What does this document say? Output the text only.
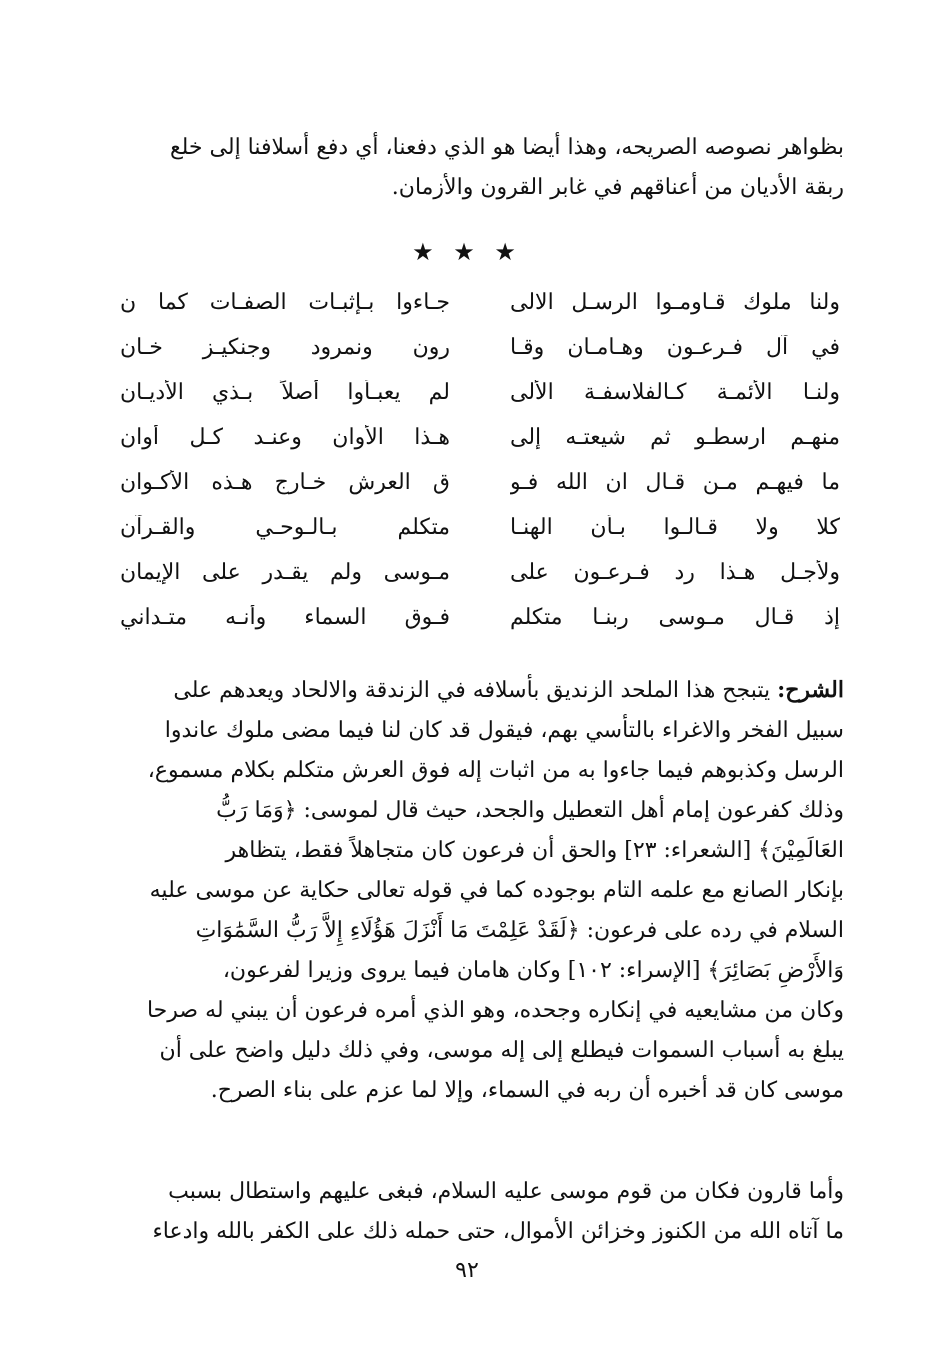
بظواهر نصوصه الصريحه، وهذا أيضا هو الذي دفعنا، أي دفع أسلافنا إلى خلع
ربقة الأديان من أعناقهم في غابر القرون والأزمان.
★ ★ ★
ولنا ملوك قـاومـوا الرسـل الالى
جـاءوا بـإثبـات الصفـات كما ن
في آل فـرعـون وهـامـان وقـا
رون ونمرود وجنكيـز خـان
ولنـا الأئمـة كـالفلاسفـة الألى
لم يعبـأوا أصلاً بـذي الأديـان
منهـم ارسطـو ثم شيعتـه إلى
هـذا الأوان وعنـد كـل أوان
ما فيهـم مـن قـال ان الله فـو
ق العرش خـارج هـذه الأكـوان
كلا ولا قـالـوا بـأن الهنـا
متكلم بـالـوحـي والقـرآن
ولأجـل هـذا رد فـرعـون على
مـوسى ولم يقـدر على الإيمان
إذ قـال مـوسى ربنـا متكلم
فـوق السماء وأنـه متـداني
الشرح: يتبجح هذا الملحد الزنديق بأسلافه في الزندقة والالحاد ويعدهم على
سبيل الفخر والاغراء بالتأسي بهم، فيقول قد كان لنا فيما مضى ملوك عاندوا
الرسل وكذبوهم فيما جاءوا به من اثبات إله فوق العرش متكلم بكلام مسموع،
وذلك كفرعون إمام أهل التعطيل والجحد، حيث قال لموسى: ﴿وَمَا رَبُّ
العَالَمِيْنَ﴾ [الشعراء: ٢٣] والحق أن فرعون كان متجاهلاً فقط، يتظاهر
بإنكار الصانع مع علمه التام بوجوده كما في قوله تعالى حكاية عن موسى عليه
السلام في رده على فرعون: ﴿لَقَدْ عَلِمْتَ مَا أَنْزَلَ هَؤُلَاءِ إِلاَّ رَبُّ السَّمَٰوَاتِ
وَالأَرْضِ بَصَائِرَ﴾ [الإسراء: ١٠٢] وكان هامان فيما يروى وزيرا لفرعون،
وكان من مشايعيه في إنكاره وجحده، وهو الذي أمره فرعون أن يبني له صرحا
يبلغ به أسباب السموات فيطلع إلى إله موسى، وفي ذلك دليل واضح على أن
موسى كان قد أخبره أن ربه في السماء، وإلا لما عزم على بناء الصرح.
وأما قارون فكان من قوم موسى عليه السلام، فبغى عليهم واستطال بسبب
ما آتاه الله من الكنوز وخزائن الأموال، حتى حمله ذلك على الكفر بالله وادعاء
٩٢
